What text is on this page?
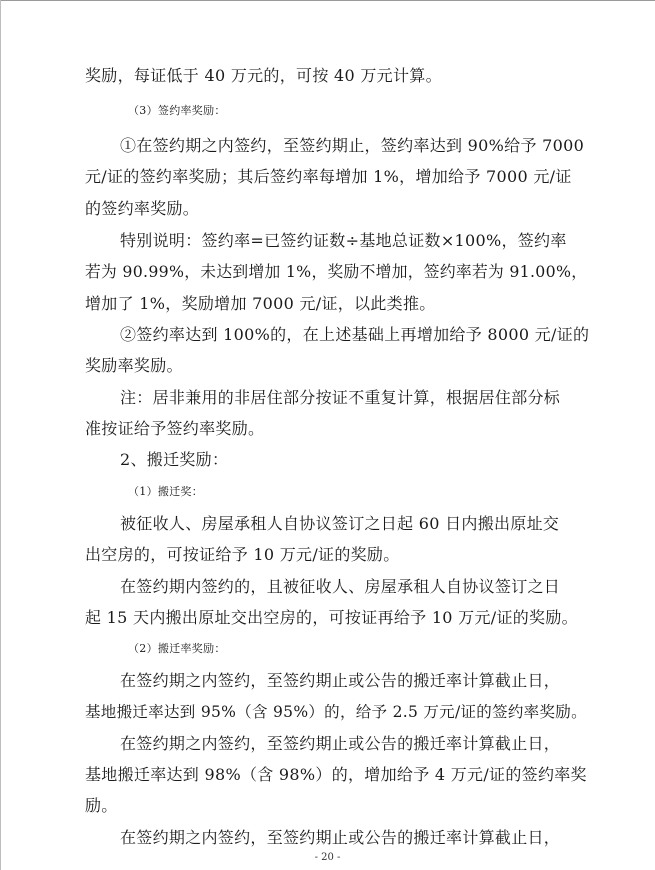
奖励，每证低于 40 万元的，可按 40 万元计算。
（3）签约率奖励：
①在签约期之内签约，至签约期止，签约率达到 90%给予 7000
元/证的签约率奖励；其后签约率每增加 1%，增加给予 7000 元/证
的签约率奖励。
特别说明：签约率=已签约证数÷基地总证数×100%，签约率
若为 90.99%，未达到增加 1%，奖励不增加，签约率若为 91.00%，
增加了 1%，奖励增加 7000 元/证，以此类推。
②签约率达到 100%的，在上述基础上再增加给予 8000 元/证的
奖励率奖励。
注：居非兼用的非居住部分按证不重复计算，根据居住部分标
准按证给予签约率奖励。
2、搬迁奖励：
（1）搬迁奖：
被征收人、房屋承租人自协议签订之日起 60 日内搬出原址交
出空房的，可按证给予 10 万元/证的奖励。
在签约期内签约的，且被征收人、房屋承租人自协议签订之日
起 15 天内搬出原址交出空房的，可按证再给予 10 万元/证的奖励。
（2）搬迁率奖励：
在签约期之内签约，至签约期止或公告的搬迁率计算截止日，
基地搬迁率达到 95%（含 95%）的，给予 2.5 万元/证的签约率奖励。
在签约期之内签约，至签约期止或公告的搬迁率计算截止日，
基地搬迁率达到 98%（含 98%）的，增加给予 4 万元/证的签约率奖
励。
在签约期之内签约，至签约期止或公告的搬迁率计算截止日，
- 20 -
